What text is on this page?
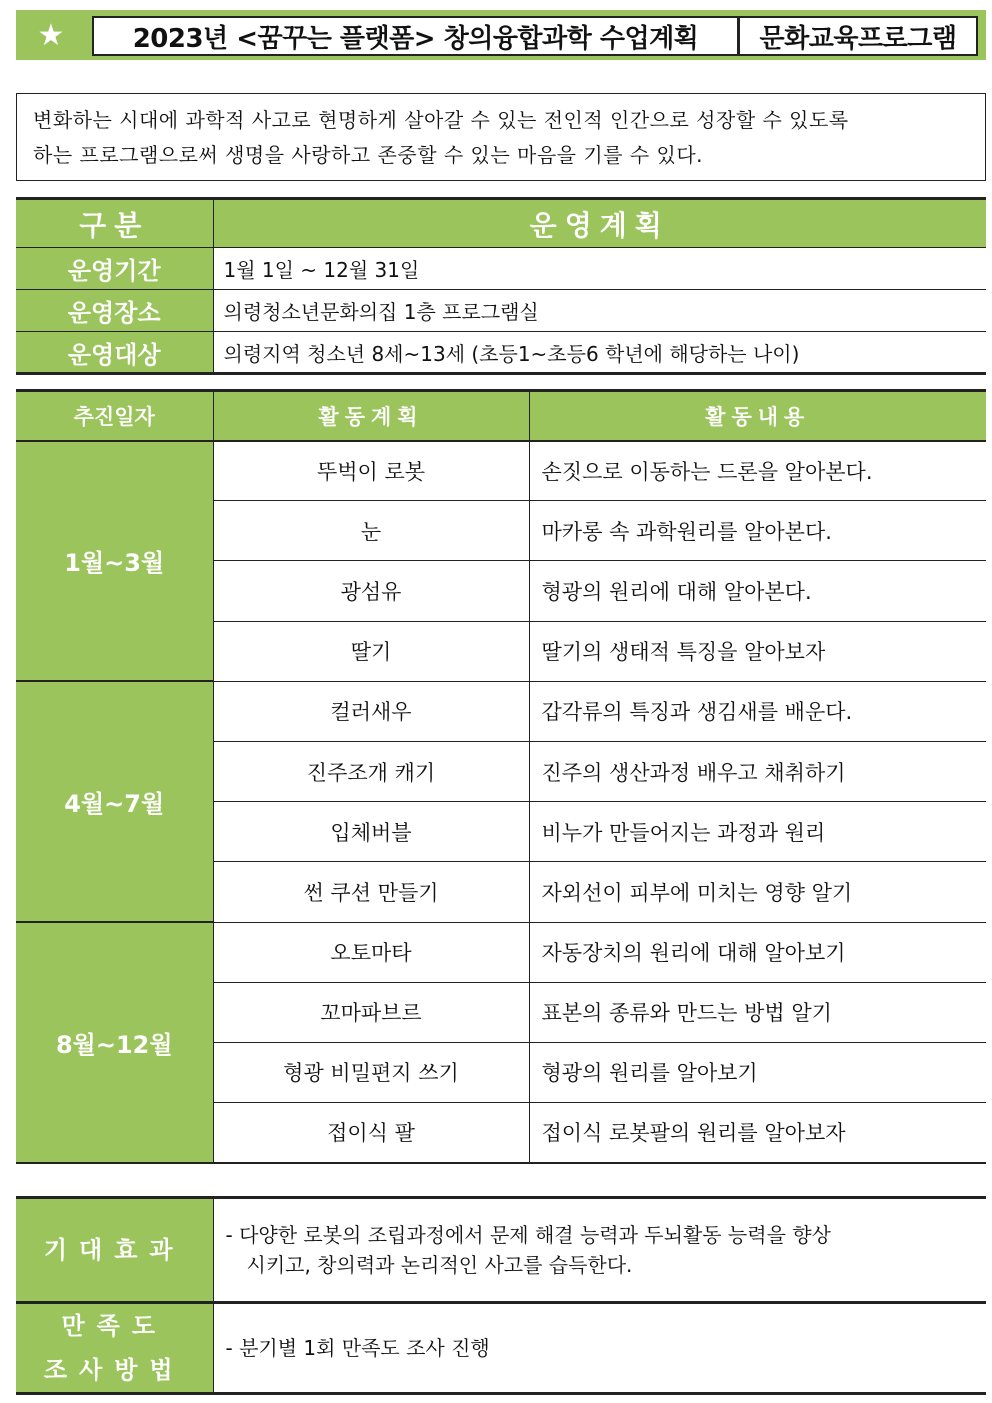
★	2023년 <꿈꾸는 플랫폼> 창의융합과학 수업계획	문화교육프로그램

변화하는 시대에 과학적 사고로 현명하게 살아갈 수 있는 전인적 인간으로 성장할 수 있도록

하는 프로그램으로써 생명을 사랑하고 존중할 수 있는 마음을 기를 수 있다.

구분	운영계획
운영기간	1월 1일 ~ 12월 31일
운영장소	의령청소년문화의집 1층 프로그램실
운영대상	의령지역 청소년 8세~13세 (초등1~초등6 학년에 해당하는 나이)
추진일자	활동계획	활동내용
1월~3월	뚜벅이 로봇	손짓으로 이동하는 드론을 알아본다.
	눈	마카롱 속 과학원리를 알아본다.
	광섬유	형광의 원리에 대해 알아본다.
	딸기	딸기의 생태적 특징을 알아보자
4월~7월	컬러새우	갑각류의 특징과 생김새를 배운다.
	진주조개 캐기	진주의 생산과정 배우고 채취하기
	입체버블	비누가 만들어지는 과정과 원리
	썬 쿠션 만들기	자외선이 피부에 미치는 영향 알기
8월~12월	오토마타	자동장치의 원리에 대해 알아보기
	꼬마파브르	표본의 종류와 만드는 방법 알기
	형광 비밀편지 쓰기	형광의 원리를 알아보기
	접이식 팔	접이식 로봇팔의 원리를 알아보자
기대효과	- 다양한 로봇의 조립과정에서 문제 해결 능력과 두뇌활동 능력을 향상
시키고, 창의력과 논리적인 사고를 습득한다.

만족도
조사방법	- 분기별 1회 만족도 조사 진행
